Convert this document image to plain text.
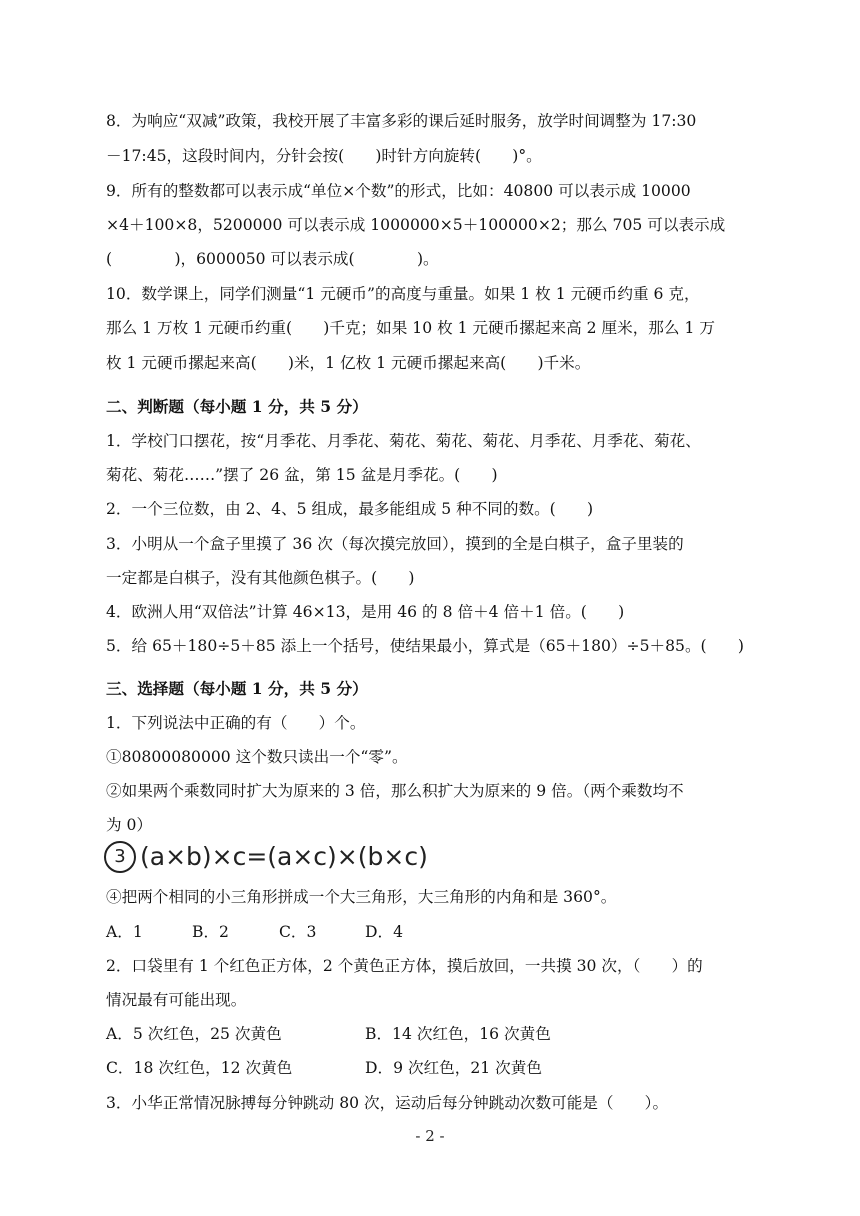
8．为响应“双减”政策，我校开展了丰富多彩的课后延时服务，放学时间调整为 17:30
－17:45，这段时间内，分针会按(　　)时针方向旋转(　　)°。
9．所有的整数都可以表示成“单位×个数”的形式，比如：40800 可以表示成 10000
×4＋100×8，5200000 可以表示成 1000000×5＋100000×2；那么 705 可以表示成
(　　　　)，6000050 可以表示成(　　　　)。
10．数学课上，同学们测量“1 元硬币”的高度与重量。如果 1 枚 1 元硬币约重 6 克，
那么 1 万枚 1 元硬币约重(　　)千克；如果 10 枚 1 元硬币摞起来高 2 厘米，那么 1 万
枚 1 元硬币摞起来高(　　)米，1 亿枚 1 元硬币摞起来高(　　)千米。
二、判断题（每小题 1 分，共 5 分）
1．学校门口摆花，按“月季花、月季花、菊花、菊花、菊花、月季花、月季花、菊花、
菊花、菊花……”摆了 26 盆，第 15 盆是月季花。(　　)
2．一个三位数，由 2、4、5 组成，最多能组成 5 种不同的数。(　　)
3．小明从一个盒子里摸了 36 次（每次摸完放回），摸到的全是白棋子，盒子里装的
一定都是白棋子，没有其他颜色棋子。(　　)
4．欧洲人用“双倍法”计算 46×13，是用 46 的 8 倍＋4 倍＋1 倍。(　　)
5．给 65＋180÷5＋85 添上一个括号，使结果最小，算式是（65＋180）÷5＋85。(　　)
三、选择题（每小题 1 分，共 5 分）
1．下列说法中正确的有（　　）个。
①80800080000 这个数只读出一个“零”。
②如果两个乘数同时扩大为原来的 3 倍，那么积扩大为原来的 9 倍。（两个乘数均不
为 0）
3 (a×b)×c=(a×c)×(b×c)
④把两个相同的小三角形拼成一个大三角形，大三角形的内角和是 360°。
A．1	B．2	C．3	D．4
2．口袋里有 1 个红色正方体，2 个黄色正方体，摸后放回，一共摸 30 次，（　　）的
情况最有可能出现。
A．5 次红色，25 次黄色	B．14 次红色，16 次黄色
C．18 次红色，12 次黄色	D．9 次红色，21 次黄色
3．小华正常情况脉搏每分钟跳动 80 次，运动后每分钟跳动次数可能是（　　）。
- 2 -
